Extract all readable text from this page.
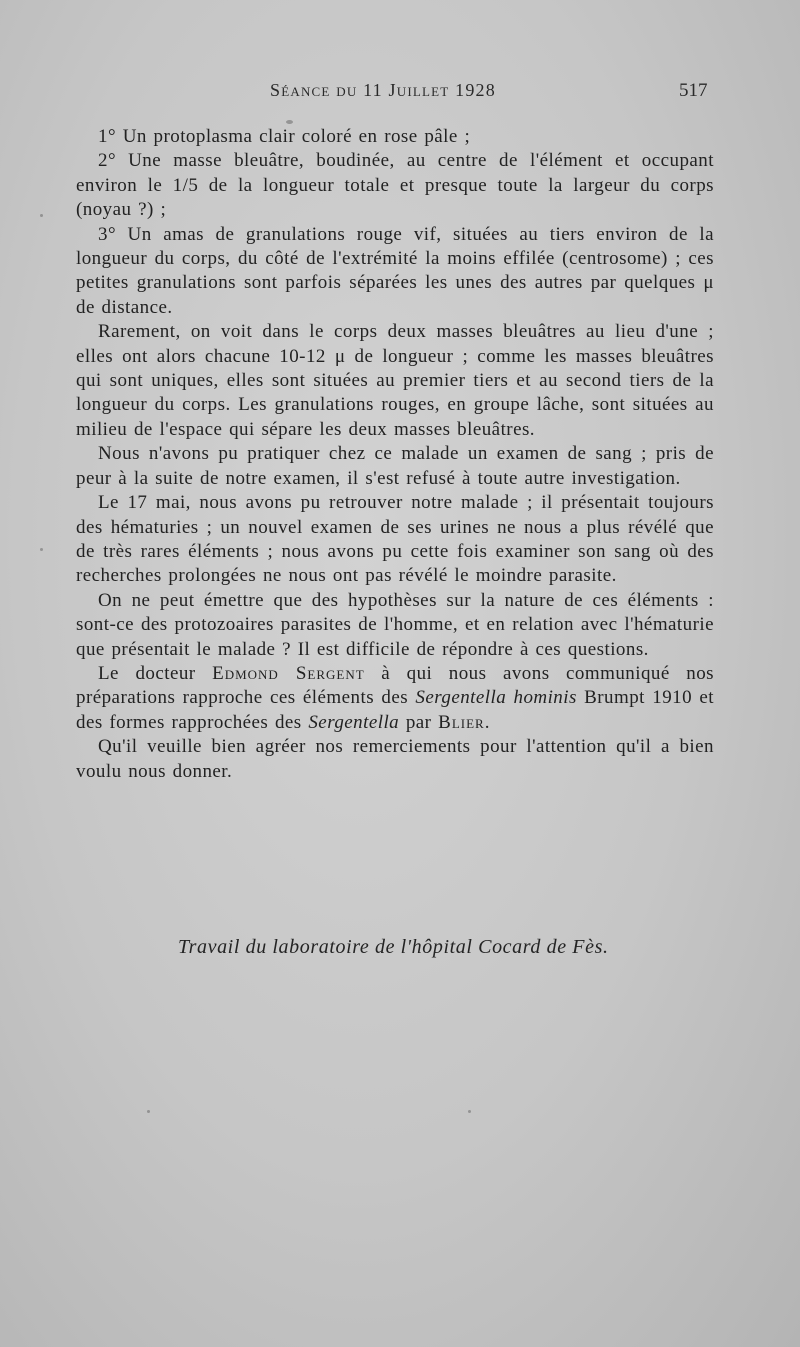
Séance du 11 Juillet 1928	517

1° Un protoplasma clair coloré en rose pâle ;

2° Une masse bleuâtre, boudinée, au centre de l'élément et occupant environ le 1/5 de la longueur totale et presque toute la largeur du corps (noyau ?) ;

3° Un amas de granulations rouge vif, situées au tiers environ de la longueur du corps, du côté de l'extrémité la moins effilée (centrosome) ; ces petites granulations sont parfois séparées les unes des autres par quelques μ de distance.

Rarement, on voit dans le corps deux masses bleuâtres au lieu d'une ; elles ont alors chacune 10-12 μ de longueur ; comme les masses bleuâtres qui sont uniques, elles sont situées au premier tiers et au second tiers de la longueur du corps. Les granulations rouges, en groupe lâche, sont situées au milieu de l'espace qui sépare les deux masses bleuâtres.

Nous n'avons pu pratiquer chez ce malade un examen de sang ; pris de peur à la suite de notre examen, il s'est refusé à toute autre investigation.

Le 17 mai, nous avons pu retrouver notre malade ; il présentait toujours des hématuries ; un nouvel examen de ses urines ne nous a plus révélé que de très rares éléments ; nous avons pu cette fois examiner son sang où des recherches prolongées ne nous ont pas révélé le moindre parasite.

On ne peut émettre que des hypothèses sur la nature de ces éléments : sont-ce des protozoaires parasites de l'homme, et en relation avec l'hématurie que présentait le malade ? Il est difficile de répondre à ces questions.

Le docteur Edmond Sergent à qui nous avons communiqué nos préparations rapproche ces éléments des Sergentella hominis Brumpt 1910 et des formes rapprochées des Sergentella par Blier.

Qu'il veuille bien agréer nos remerciements pour l'attention qu'il a bien voulu nous donner.

Travail du laboratoire de l'hôpital Cocard de Fès.
